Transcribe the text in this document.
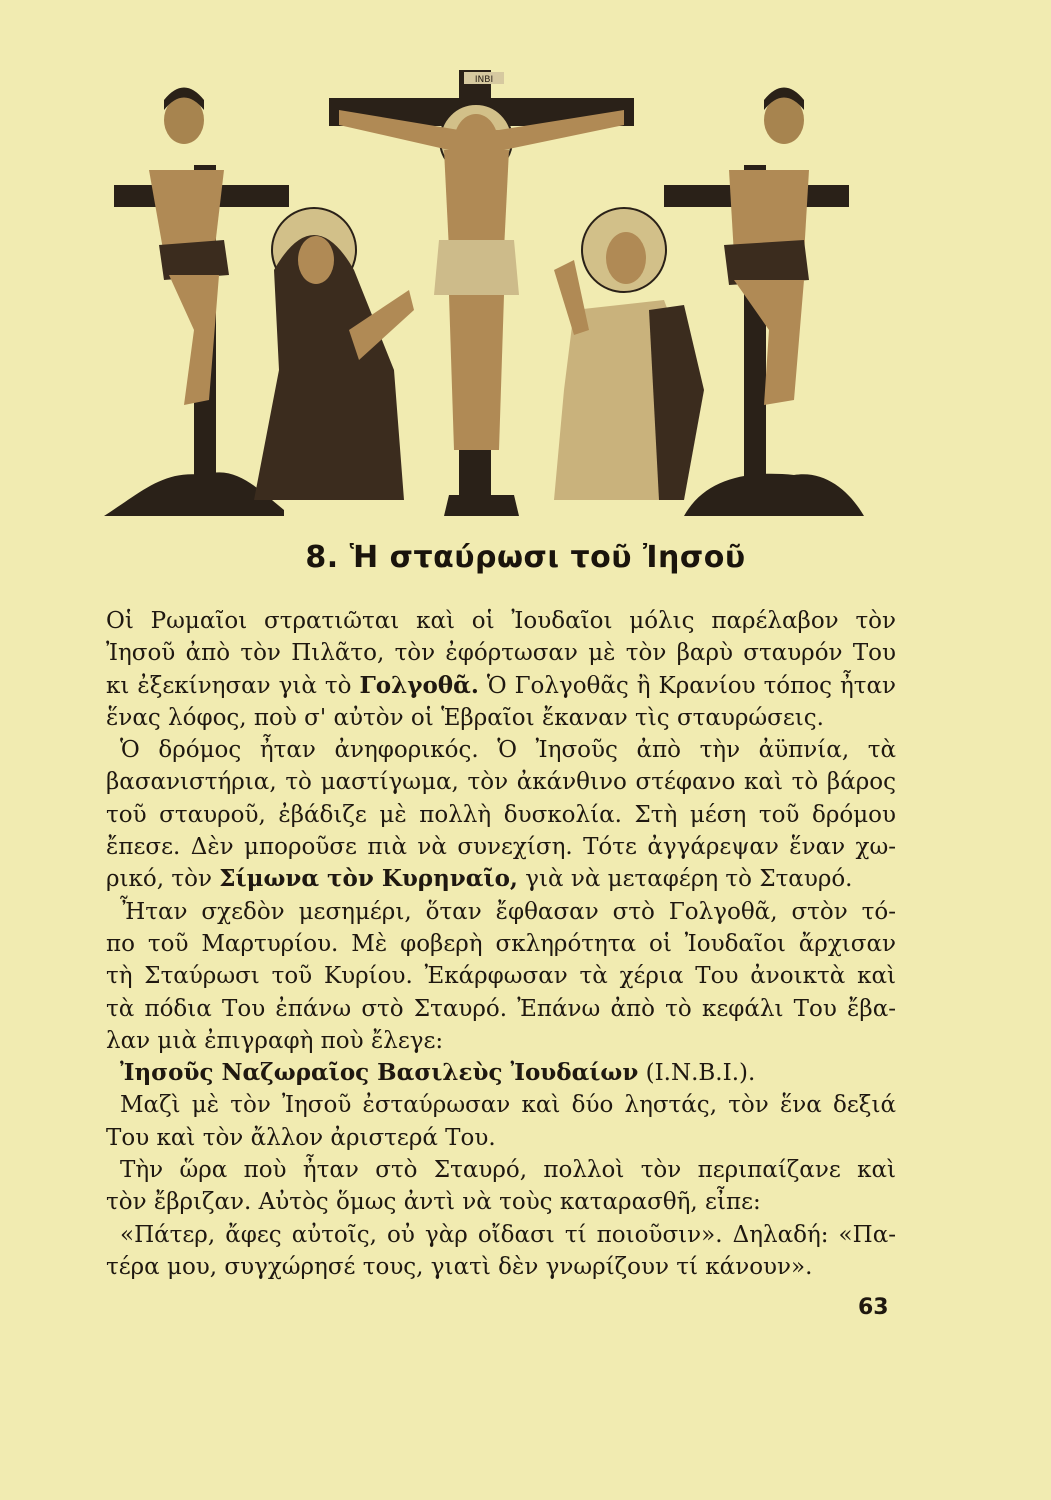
INBI
8. Ἡ σταύρωσι τοῦ Ἰησοῦ
Οἱ Ρωμαῖοι στρατιῶται καὶ οἱ Ἰουδαῖοι μόλις παρέλαβον τὸν
Ἰησοῦ ἀπὸ τὸν Πιλᾶτο, τὸν ἐφόρτωσαν μὲ τὸν βαρὺ σταυρόν Του
κι ἐξεκίνησαν γιὰ τὸ Γολγοθᾶ. Ὁ Γολγοθᾶς ἢ Κρανίου τόπος ἦταν
ἕνας λόφος, ποὺ σ' αὐτὸν οἱ Ἑβραῖοι ἔκαναν τὶς σταυρώσεις.
Ὁ δρόμος ἦταν ἀνηφορικός. Ὁ Ἰησοῦς ἀπὸ τὴν ἀϋπνία, τὰ
βασανιστήρια, τὸ μαστίγωμα, τὸν ἀκάνθινο στέφανο καὶ τὸ βάρος
τοῦ σταυροῦ, ἐβάδιζε μὲ πολλὴ δυσκολία. Στὴ μέση τοῦ δρόμου
ἔπεσε. Δὲν μποροῦσε πιὰ νὰ συνεχίση. Τότε ἀγγάρεψαν ἕναν χω-
ρικό, τὸν Σίμωνα τὸν Κυρηναῖο, γιὰ νὰ μεταφέρη τὸ Σταυρό.
Ἦταν σχεδὸν μεσημέρι, ὅταν ἔφθασαν στὸ Γολγοθᾶ, στὸν τό-
πο τοῦ Μαρτυρίου. Μὲ φοβερὴ σκληρότητα οἱ Ἰουδαῖοι ἄρχισαν
τὴ Σταύρωσι τοῦ Κυρίου. Ἐκάρφωσαν τὰ χέρια Του ἀνοικτὰ καὶ
τὰ πόδια Του ἐπάνω στὸ Σταυρό. Ἐπάνω ἀπὸ τὸ κεφάλι Του ἔβα-
λαν μιὰ ἐπιγραφὴ ποὺ ἔλεγε:
Ἰησοῦς Ναζωραῖος Βασιλεὺς Ἰουδαίων (Ι.Ν.Β.Ι.).
Μαζὶ μὲ τὸν Ἰησοῦ ἐσταύρωσαν καὶ δύο ληστάς, τὸν ἕνα δεξιά
Του καὶ τὸν ἄλλον ἀριστερά Του.
Τὴν ὥρα ποὺ ἦταν στὸ Σταυρό, πολλοὶ τὸν περιπαίζανε καὶ
τὸν ἔβριζαν. Αὐτὸς ὅμως ἀντὶ νὰ τοὺς καταρασθῆ, εἶπε:
«Πάτερ, ἄφες αὐτοῖς, οὐ γὰρ οἴδασι τί ποιοῦσιν». Δηλαδή: «Πα-
τέρα μου, συγχώρησέ τους, γιατὶ δὲν γνωρίζουν τί κάνουν».
63
